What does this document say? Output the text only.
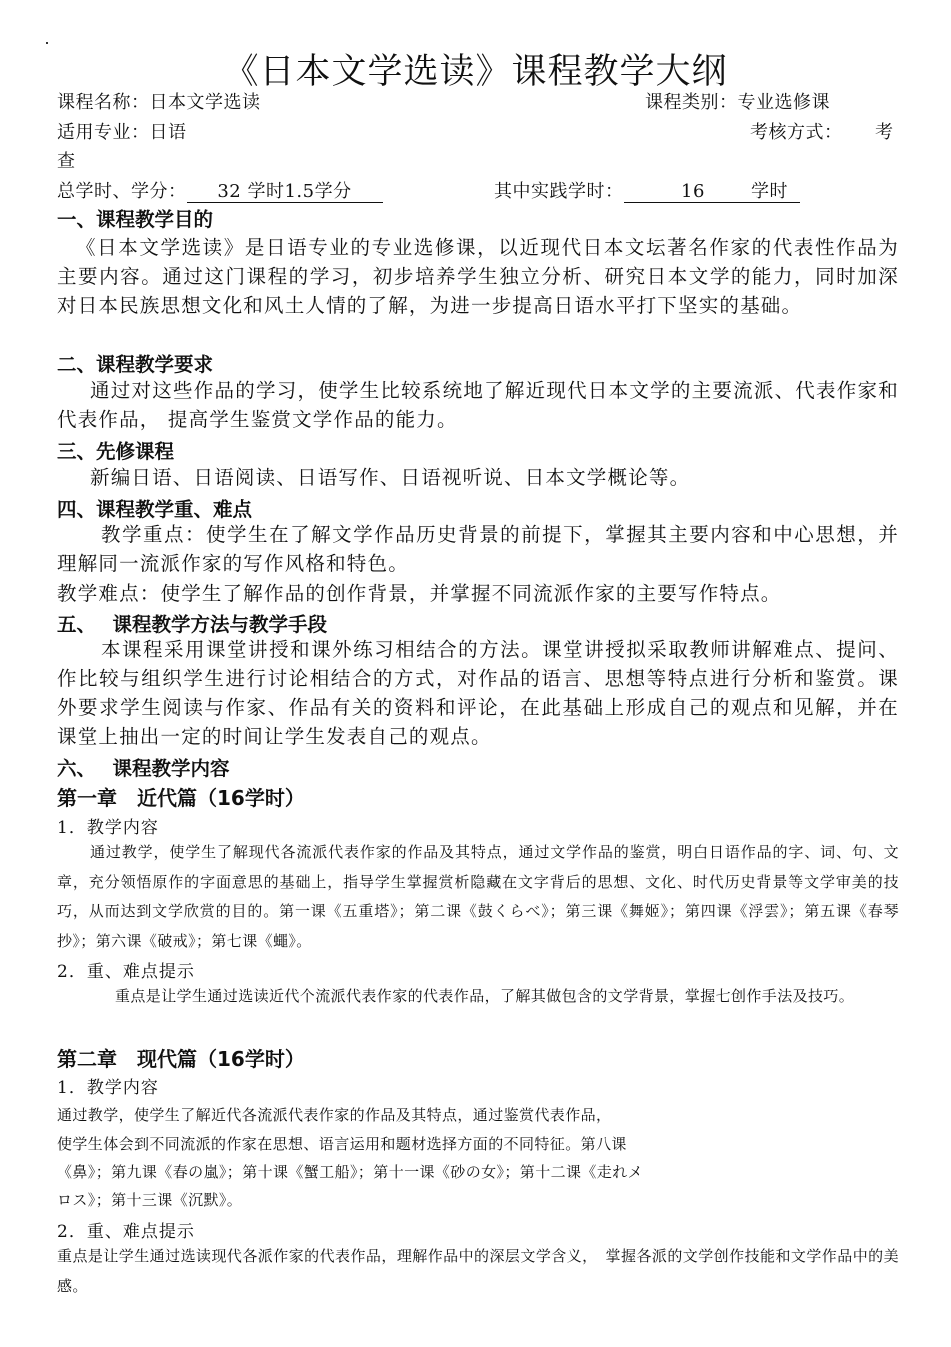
《日本文学选读》课程教学大纲
课程名称：日本文学选读	课程类别：专业选修课
适用专业：日语	考核方式： 考
查
总学时、学分： 32 学时1.5学分	其中实践学时：	16	学时
一、课程教学目的
《日本文学选读》是日语专业的专业选修课，以近现代日本文坛著名作家的代表性作品为主要内容。通过这门课程的学习，初步培养学生独立分析、研究日本文学的能力，同时加深对日本民族思想文化和风土人情的了解，为进一步提高日语水平打下坚实的基础。
二、课程教学要求
通过对这些作品的学习，使学生比较系统地了解近现代日本文学的主要流派、代表作家和代表作品， 提高学生鉴赏文学作品的能力。
三、先修课程
新编日语、日语阅读、日语写作、日语视听说、日本文学概论等。
四、课程教学重、难点
教学重点：使学生在了解文学作品历史背景的前提下，掌握其主要内容和中心思想，并理解同一流派作家的写作风格和特色。
教学难点：使学生了解作品的创作背景，并掌握不同流派作家的主要写作特点。
五、　 课程教学方法与教学手段
本课程采用课堂讲授和课外练习相结合的方法。课堂讲授拟采取教师讲解难点、提问、作比较与组织学生进行讨论相结合的方式，对作品的语言、思想等特点进行分析和鉴赏。课外要求学生阅读与作家、作品有关的资料和评论，在此基础上形成自己的观点和见解，并在课堂上抽出一定的时间让学生发表自己的观点。
六、　 课程教学内容
第一章　近代篇（16学时）
1．教学内容
通过教学，使学生了解现代各流派代表作家的作品及其特点，通过文学作品的鉴赏，明白日语作品的字、词、句、文章，充分领悟原作的字面意思的基础上，指导学生掌握赏析隐藏在文字背后的思想、文化、时代历史背景等文学审美的技巧，从而达到文学欣赏的目的。第一课《五重塔》；第二课《鼓くらべ》；第三课《舞姬》；第四课《浮雲》；第五课《春琴抄》；第六课《破戒》；第七课《蠅》。
2．重、难点提示
重点是让学生通过选读近代个流派代表作家的代表作品，了解其做包含的文学背景，掌握七创作手法及技巧。
第二章　现代篇（16学时）
1．教学内容
通过教学，使学生了解近代各流派代表作家的作品及其特点，通过鉴赏代表作品，
使学生体会到不同流派的作家在思想、语言运用和题材选择方面的不同特征。第八课
《鼻》；第九课《春の嵐》；第十课《蟹工船》；第十一课《砂の女》；第十二课《走れメ
ロス》；第十三课《沉默》。
2．重、难点提示
重点是让学生通过选读现代各派作家的代表作品，理解作品中的深层文学含义，　掌握各派的文学创作技能和文学作品中的美感。
